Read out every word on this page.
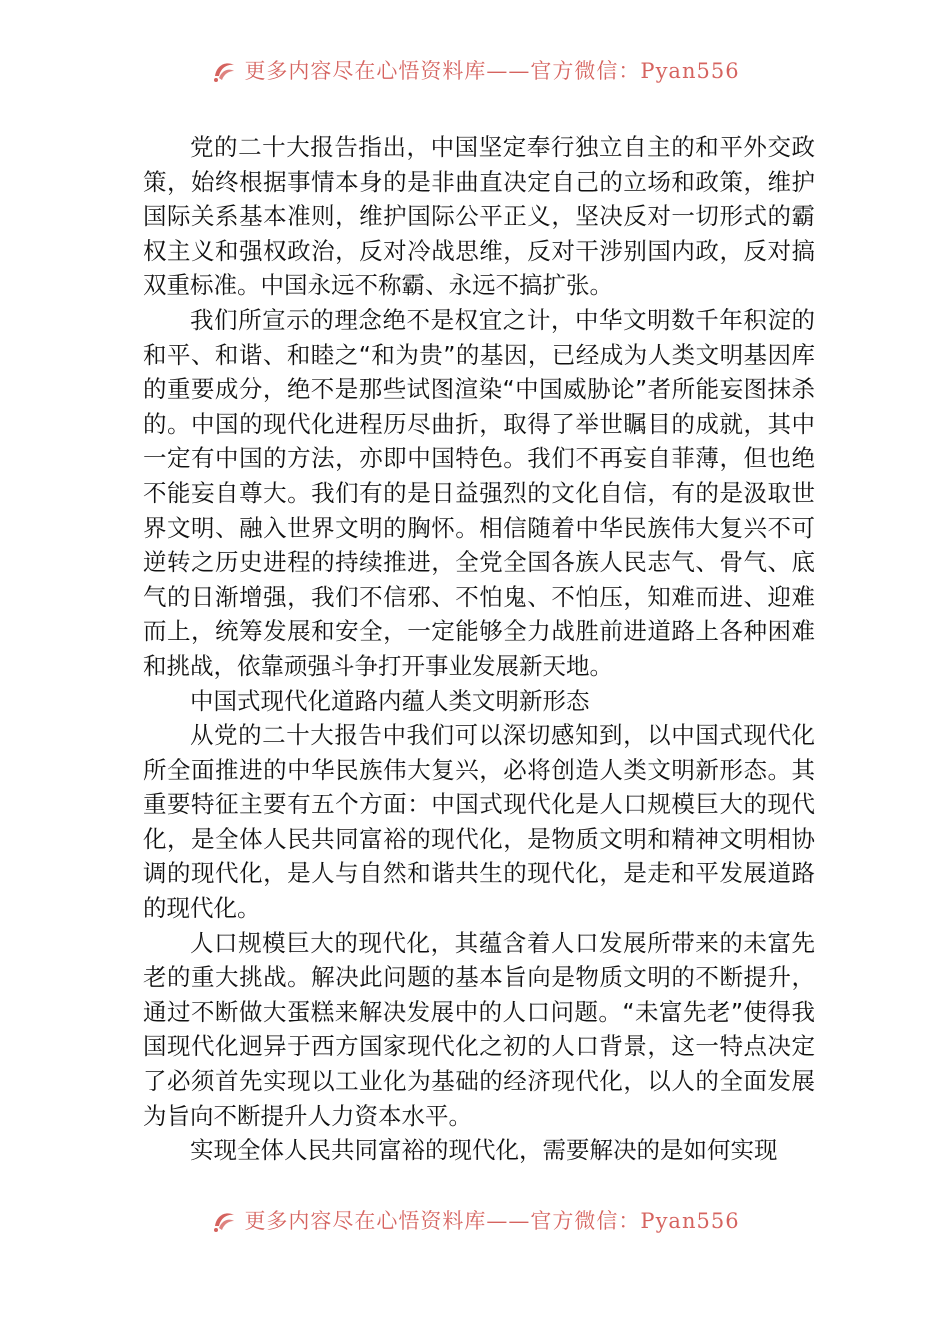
更多内容尽在心悟资料库——官方微信：Pyan556

党的二十大报告指出，中国坚定奉行独立自主的和平外交政策，始终根据事情本身的是非曲直决定自己的立场和政策，维护国际关系基本准则，维护国际公平正义，坚决反对一切形式的霸权主义和强权政治，反对冷战思维，反对干涉别国内政，反对搞双重标准。中国永远不称霸、永远不搞扩张。

我们所宣示的理念绝不是权宜之计，中华文明数千年积淀的和平、和谐、和睦之“和为贵”的基因，已经成为人类文明基因库的重要成分，绝不是那些试图渲染“中国威胁论”者所能妄图抹杀的。中国的现代化进程历尽曲折，取得了举世瞩目的成就，其中一定有中国的方法，亦即中国特色。我们不再妄自菲薄，但也绝不能妄自尊大。我们有的是日益强烈的文化自信，有的是汲取世界文明、融入世界文明的胸怀。相信随着中华民族伟大复兴不可逆转之历史进程的持续推进，全党全国各族人民志气、骨气、底气的日渐增强，我们不信邪、不怕鬼、不怕压，知难而进、迎难而上，统筹发展和安全，一定能够全力战胜前进道路上各种困难和挑战，依靠顽强斗争打开事业发展新天地。

中国式现代化道路内蕴人类文明新形态

从党的二十大报告中我们可以深切感知到，以中国式现代化所全面推进的中华民族伟大复兴，必将创造人类文明新形态。其重要特征主要有五个方面：中国式现代化是人口规模巨大的现代化，是全体人民共同富裕的现代化，是物质文明和精神文明相协调的现代化，是人与自然和谐共生的现代化，是走和平发展道路的现代化。

人口规模巨大的现代化，其蕴含着人口发展所带来的未富先老的重大挑战。解决此问题的基本旨向是物质文明的不断提升，通过不断做大蛋糕来解决发展中的人口问题。“未富先老”使得我国现代化迥异于西方国家现代化之初的人口背景，这一特点决定了必须首先实现以工业化为基础的经济现代化，以人的全面发展为旨向不断提升人力资本水平。

实现全体人民共同富裕的现代化，需要解决的是如何实现

更多内容尽在心悟资料库——官方微信：Pyan556
